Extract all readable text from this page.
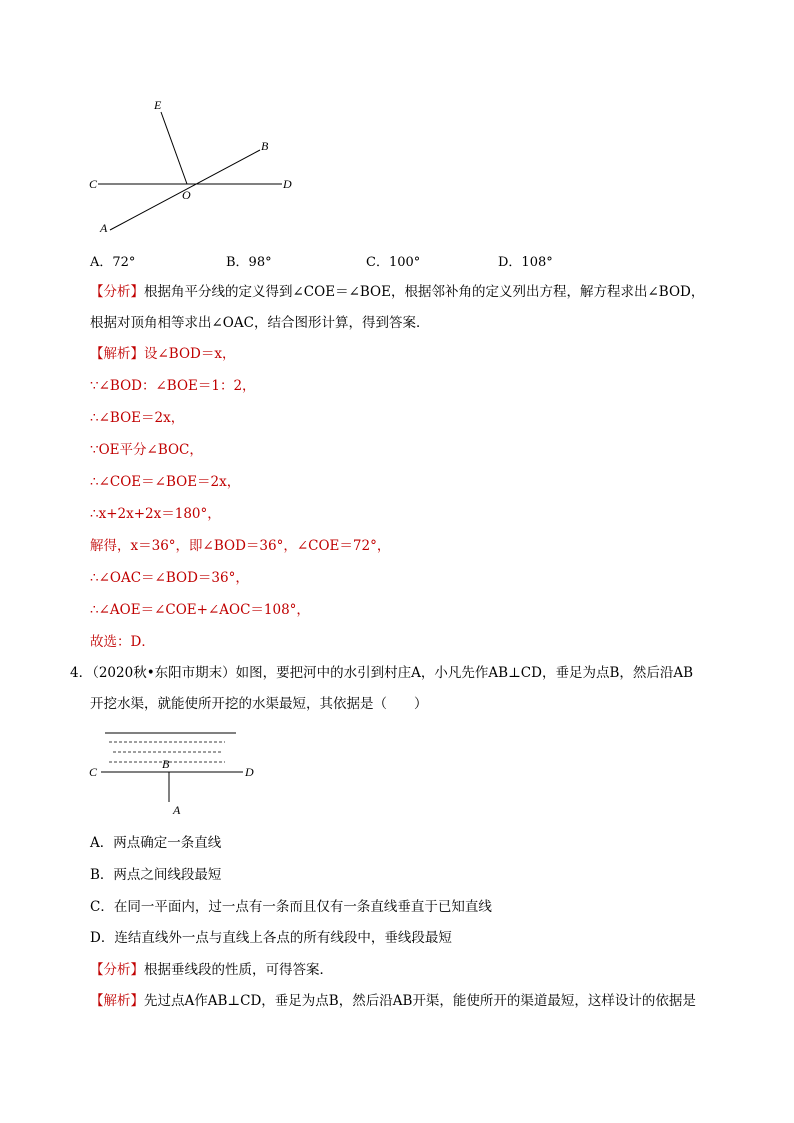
E
B
C	D
O
A
A．72°	B．98°	C．100°	D．108°
【分析】根据角平分线的定义得到∠COE＝∠BOE，根据邻补角的定义列出方程，解方程求出∠BOD，
根据对顶角相等求出∠OAC，结合图形计算，得到答案．
【解析】设∠BOD＝x，
∵∠BOD：∠BOE＝1：2，
∴∠BOE＝2x，
∵OE平分∠BOC，
∴∠COE＝∠BOE＝2x，
∴x+2x+2x＝180°，
解得，x＝36°，即∠BOD＝36°，∠COE＝72°，
∴∠OAC＝∠BOD＝36°，
∴∠AOE＝∠COE+∠AOC＝108°，
故选：D．
4．（2020秋•东阳市期末）如图，要把河中的水引到村庄A，小凡先作AB⊥CD，垂足为点B，然后沿AB
开挖水渠，就能使所开挖的水渠最短，其依据是（　　）
C
B
D
A
A．两点确定一条直线
B．两点之间线段最短
C．在同一平面内，过一点有一条而且仅有一条直线垂直于已知直线
D．连结直线外一点与直线上各点的所有线段中，垂线段最短
【分析】根据垂线段的性质，可得答案．
【解析】先过点A作AB⊥CD，垂足为点B，然后沿AB开渠，能使所开的渠道最短，这样设计的依据是
